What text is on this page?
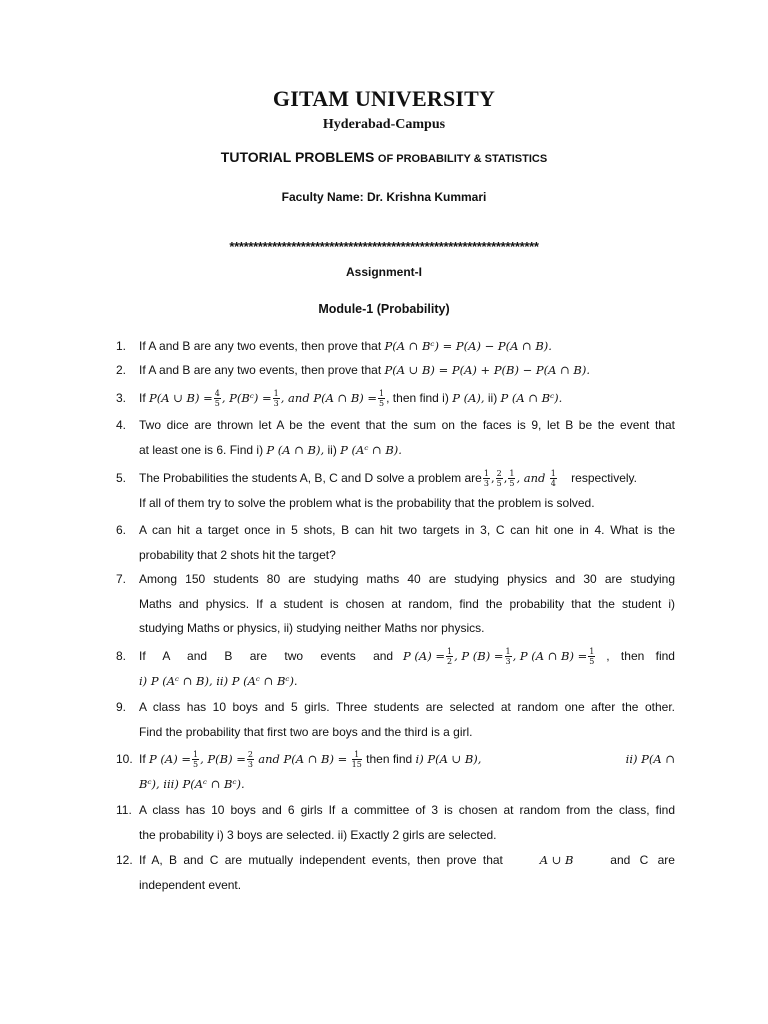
GITAM UNIVERSITY
Hyderabad-Campus
TUTORIAL PROBLEMS OF PROBABILITY & STATISTICS
Faculty Name: Dr. Krishna Kummari
*****************************************************************
Assignment-I
Module-1 (Probability)
1.	If A and B are any two events, then prove that P(A ∩ Bᶜ) = P(A) − P(A ∩ B).
2.	If A and B are any two events, then prove that P(A ∪ B) = P(A) + P(B) − P(A ∩ B).
3.	If P(A ∪ $B) = \frac{4}{5}$ , P(Bᶜ) = $\frac{1}{3}$ , and P(A ∩ $B) = \frac{1}{5}$ , then find i) P (A), ii) P (A ∩ Bᶜ).
4.	Two dice are thrown let A be the event that the sum on the faces is 9, let B be the event that
at least one is 6. Find i) P (A ∩ B), ii) P (Aᶜ ∩ B).
5.	The Probabilities the students A, B, C and D solve a problem are $\frac{1}{3}$ , $\frac{2}{5}$ , $\frac{1}{5}$ , and $\frac{1}{4}$ respectively.
If all of them try to solve the problem what is the probability that the problem is solved.
6.	A can hit a target once in 5 shots, B can hit two targets in 3, C can hit one in 4. What is the
probability that 2 shots hit the target?
7.	Among 150 students 80 are studying maths 40 are studying physics and 30 are studying
Maths and physics. If a student is chosen at random, find the probability that the student i)
studying Maths or physics, ii) studying neither Maths nor physics.
8.	If A and B are two events and P $(A) = \frac{1}{2}$ , P $(B) = \frac{1}{3}$ , P (A ∩ $B) = \frac{1}{5}$ , then find
i) P (Aᶜ ∩ B), ii) P (Aᶜ ∩ Bᶜ).
9.	A class has 10 boys and 5 girls. Three students are selected at random one after the other.
Find the probability that first two are boys and the third is a girl.
10. If P $(A) = \frac{1}{5}$ , $P(B) = \frac{2}{3}$ and P(A ∩ $B) = \frac{1}{15}$ then find i) P(A ∪ B),	ii) P(A ∩
Bᶜ), iii) P(Aᶜ ∩ Bᶜ).
11. A class has 10 boys and 6 girls If a committee of 3 is chosen at random from the class, find
the probability i) 3 boys are selected. ii) Exactly 2 girls are selected.
12. If A, B and C are mutually independent events, then prove that	A ∪ B	and C are
independent event.
